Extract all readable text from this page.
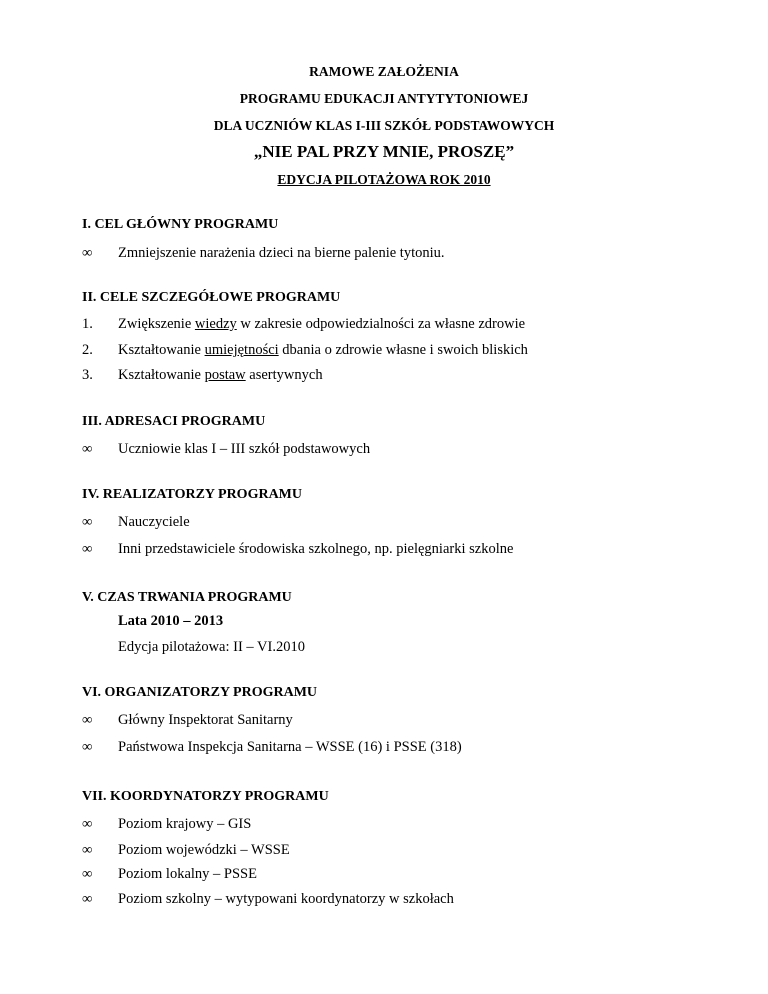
RAMOWE ZAŁOŻENIA
PROGRAMU EDUKACJI ANTYTYTONIOWEJ
DLA UCZNIÓW KLAS I-III SZKÓŁ PODSTAWOWYCH
„NIE PAL PRZY MNIE, PROSZĘ”
EDYCJA PILOTAŻOWA ROK 2010
I. CEL GŁÓWNY PROGRAMU
∞ Zmniejszenie narażenia dzieci na bierne palenie tytoniu.
II. CELE SZCZEGÓŁOWE PROGRAMU
1. Zwiększenie wiedzy w zakresie odpowiedzialności za własne zdrowie
2. Kształtowanie umiejętności dbania o zdrowie własne i swoich bliskich
3. Kształtowanie postaw asertywnych
III. ADRESACI PROGRAMU
∞ Uczniowie klas I – III szkół podstawowych
IV. REALIZATORZY PROGRAMU
∞ Nauczyciele
∞ Inni przedstawiciele środowiska szkolnego, np. pielęgniarki szkolne
V. CZAS TRWANIA PROGRAMU
Lata 2010 – 2013
Edycja pilotażowa: II – VI.2010
VI. ORGANIZATORZY PROGRAMU
∞ Główny Inspektorat Sanitarny
∞ Państwowa Inspekcja Sanitarna – WSSE (16) i PSSE (318)
VII. KOORDYNATORZY PROGRAMU
∞ Poziom krajowy – GIS
∞ Poziom wojewódzki – WSSE
∞ Poziom lokalny – PSSE
∞ Poziom szkolny – wytypowani koordynatorzy w szkołach
